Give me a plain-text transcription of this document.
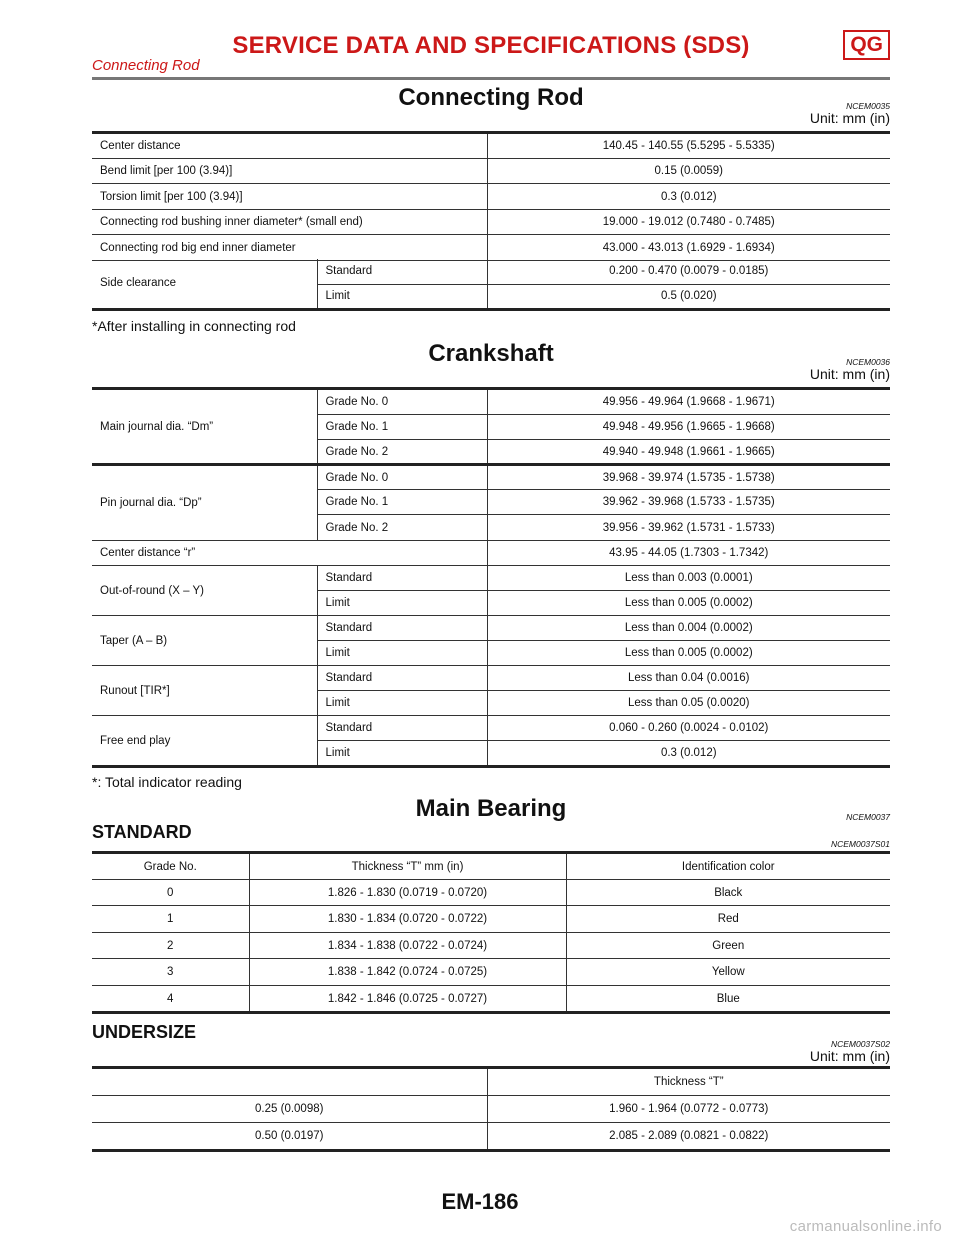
SERVICE DATA AND SPECIFICATIONS (SDS)	QG
Connecting Rod
Connecting Rod	NCEM0035
Unit: mm (in)
Center distance	140.45 - 140.55 (5.5295 - 5.5335)
Bend limit [per 100 (3.94)]	0.15 (0.0059)
Torsion limit [per 100 (3.94)]	0.3 (0.012)
Connecting rod bushing inner diameter* (small end)	19.000 - 19.012 (0.7480 - 0.7485)
Connecting rod big end inner diameter	43.000 - 43.013 (1.6929 - 1.6934)
Side clearance	Standard	0.200 - 0.470 (0.0079 - 0.0185)
	Limit	0.5 (0.020)
*After installing in connecting rod
Crankshaft	NCEM0036
Unit: mm (in)
Main journal dia. “Dm”	Grade No. 0	49.956 - 49.964 (1.9668 - 1.9671)
	Grade No. 1	49.948 - 49.956 (1.9665 - 1.9668)
	Grade No. 2	49.940 - 49.948 (1.9661 - 1.9665)
Pin journal dia. “Dp”	Grade No. 0	39.968 - 39.974 (1.5735 - 1.5738)
	Grade No. 1	39.962 - 39.968 (1.5733 - 1.5735)
	Grade No. 2	39.956 - 39.962 (1.5731 - 1.5733)
Center distance “r”		43.95 - 44.05 (1.7303 - 1.7342)
Out-of-round (X – Y)	Standard	Less than 0.003 (0.0001)
	Limit	Less than 0.005 (0.0002)
Taper (A – B)	Standard	Less than 0.004 (0.0002)
	Limit	Less than 0.005 (0.0002)
Runout [TIR*]	Standard	Less than 0.04 (0.0016)
	Limit	Less than 0.05 (0.0020)
Free end play	Standard	0.060 - 0.260 (0.0024 - 0.0102)
	Limit	0.3 (0.012)
*: Total indicator reading
Main Bearing	NCEM0037
STANDARD
NCEM0037S01
Grade No.	Thickness “T” mm (in)	Identification color
0	1.826 - 1.830 (0.0719 - 0.0720)	Black
1	1.830 - 1.834 (0.0720 - 0.0722)	Red
2	1.834 - 1.838 (0.0722 - 0.0724)	Green
3	1.838 - 1.842 (0.0724 - 0.0725)	Yellow
4	1.842 - 1.846 (0.0725 - 0.0727)	Blue
UNDERSIZE
NCEM0037S02
Unit: mm (in)
	Thickness “T”
0.25 (0.0098)	1.960 - 1.964 (0.0772 - 0.0773)
0.50 (0.0197)	2.085 - 2.089 (0.0821 - 0.0822)
EM-186
carmanualsonline.info
